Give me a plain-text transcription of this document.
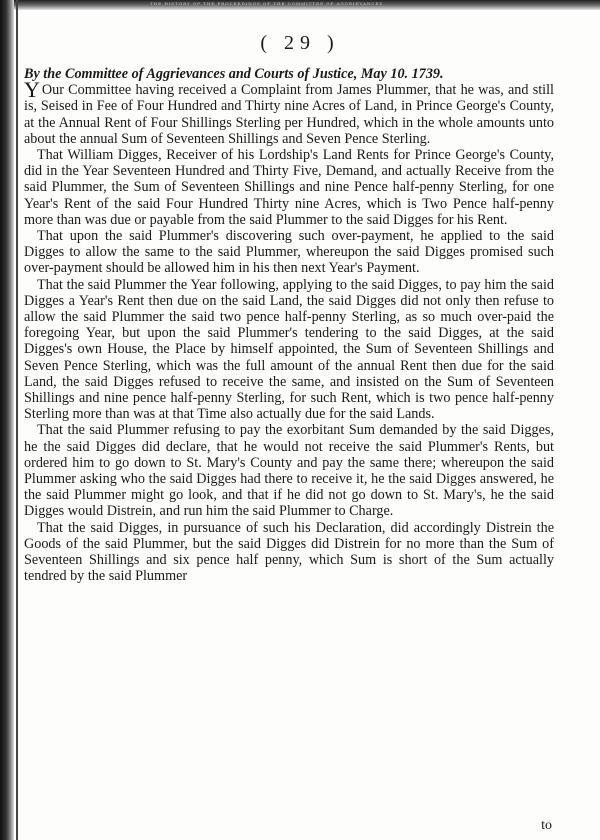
THE HISTORY OF THE PROCEEDINGS OF THE COMMITTEE OF AGGRIEVANCES
( 29 )

By the Committee of Aggrievances and Courts of Justice, May 10. 1739.

Y Our Committee having received a Complaint from James Plummer, that he was, and still is, Seised in Fee of Four Hundred and Thirty nine Acres of Land, in Prince George's County, at the Annual Rent of Four Shillings Sterling per Hundred, which in the whole amounts unto about the annual Sum of Seventeen Shillings and Seven Pence Sterling.

That William Digges, Receiver of his Lordship's Land Rents for Prince George's County, did in the Year Seventeen Hundred and Thirty Five, Demand, and actually Receive from the said Plummer, the Sum of Seventeen Shillings and nine Pence half-penny Sterling, for one Year's Rent of the said Four Hundred Thirty nine Acres, which is Two Pence half-penny more than was due or payable from the said Plummer to the said Digges for his Rent.

That upon the said Plummer's discovering such over-payment, he applied to the said Digges to allow the same to the said Plummer, whereupon the said Digges promised such over-payment should be allowed him in his then next Year's Payment.

That the said Plummer the Year following, applying to the said Digges, to pay him the said Digges a Year's Rent then due on the said Land, the said Digges did not only then refuse to allow the said Plummer the said two pence half-penny Sterling, as so much over-paid the foregoing Year, but upon the said Plummer's tendering to the said Digges, at the said Digges's own House, the Place by himself appointed, the Sum of Seventeen Shillings and Seven Pence Sterling, which was the full amount of the annual Rent then due for the said Land, the said Digges refused to receive the same, and insisted on the Sum of Seventeen Shillings and nine pence half-penny Sterling, for such Rent, which is two pence half-penny Sterling more than was at that Time also actually due for the said Lands.

That the said Plummer refusing to pay the exorbitant Sum demanded by the said Digges, he the said Digges did declare, that he would not receive the said Plummer's Rents, but ordered him to go down to St. Mary's County and pay the same there; whereupon the said Plummer asking who the said Digges had there to receive it, he the said Digges answered, he the said Plummer might go look, and that if he did not go down to St. Mary's, he the said Digges would Distrein, and run him the said Plummer to Charge.

That the said Digges, in pursuance of such his Declaration, did accordingly Distrein the Goods of the said Plummer, but the said Digges did Distrein for no more than the Sum of Seventeen Shillings and six pence half penny, which Sum is short of the Sum actually tendred by the said Plummer

to
